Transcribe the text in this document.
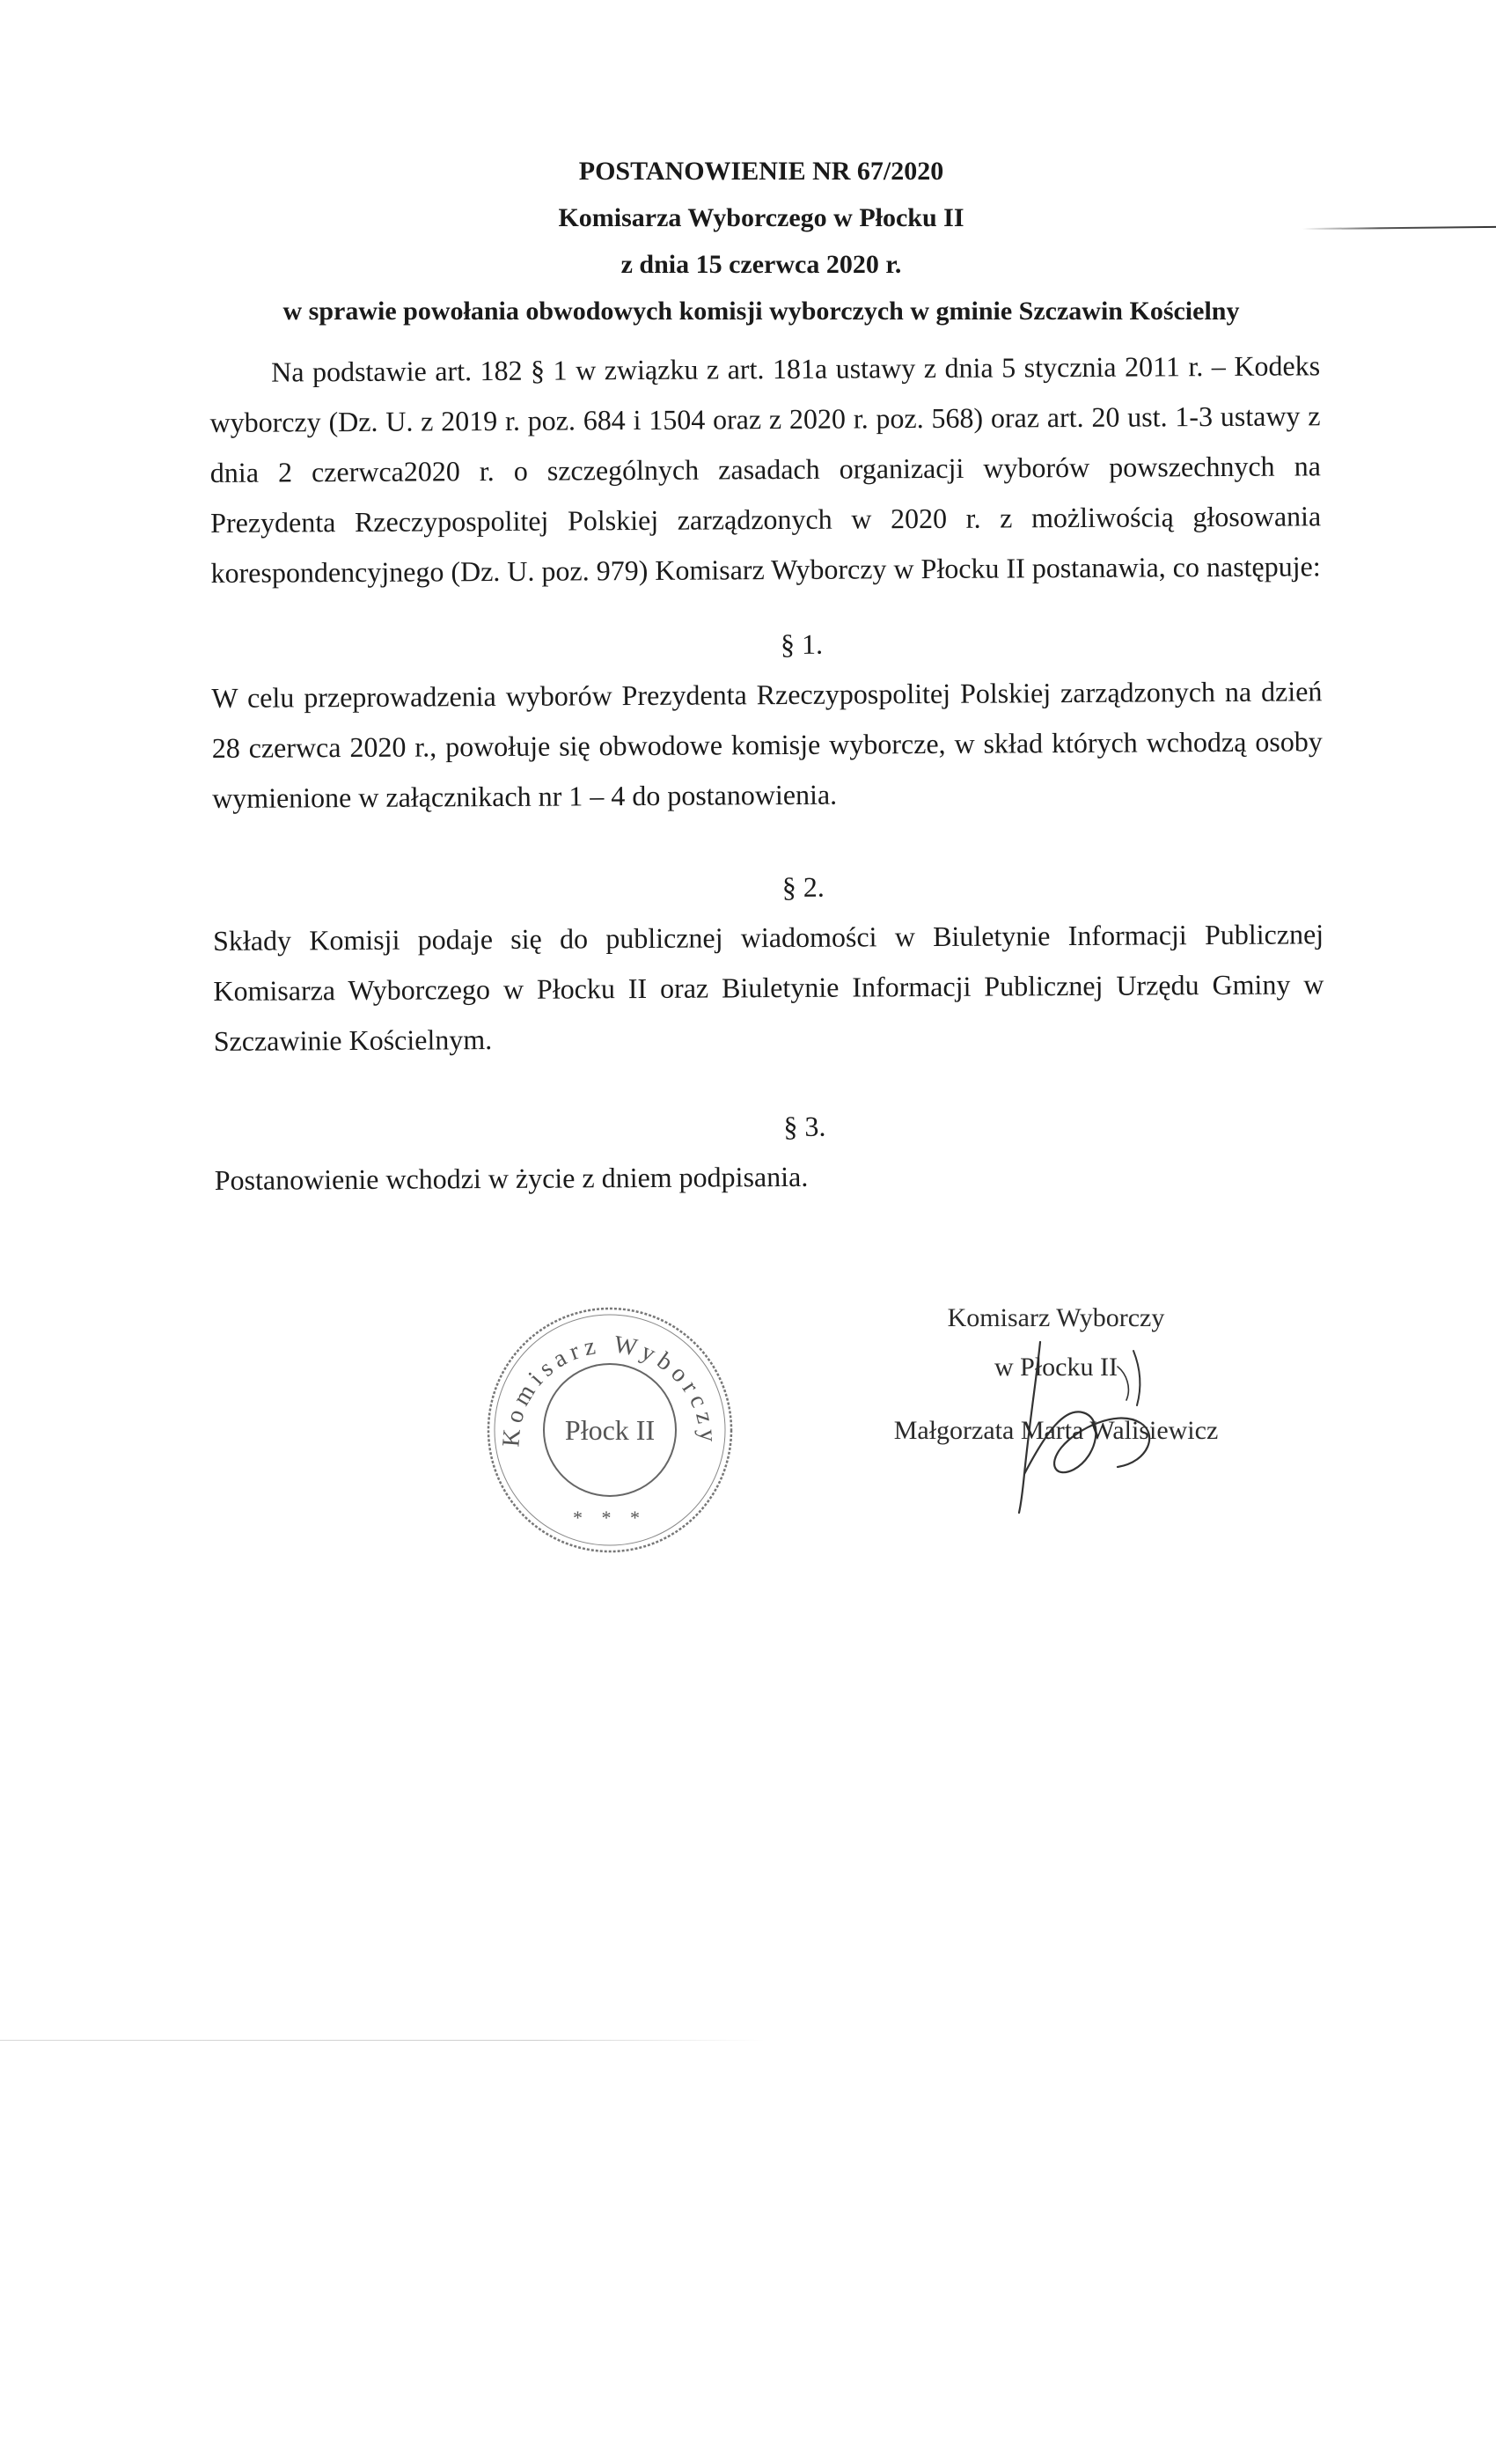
POSTANOWIENIE NR 67/2020
Komisarza Wyborczego w Płocku II
z dnia 15 czerwca 2020 r.
w sprawie powołania obwodowych komisji wyborczych w gminie Szczawin Kościelny

Na podstawie art. 182 § 1 w związku z art. 181a ustawy z dnia 5 stycznia 2011 r. – Kodeks wyborczy (Dz. U. z 2019 r. poz. 684 i 1504 oraz z 2020 r. poz. 568) oraz art. 20 ust. 1-3 ustawy z dnia 2 czerwca2020 r. o szczególnych zasadach organizacji wyborów powszechnych na Prezydenta Rzeczypospolitej Polskiej zarządzonych w 2020 r. z możliwością głosowania korespondencyjnego (Dz. U. poz. 979) Komisarz Wyborczy w Płocku II postanawia, co następuje:

§ 1.

W celu przeprowadzenia wyborów Prezydenta Rzeczypospolitej Polskiej zarządzonych na dzień 28 czerwca 2020 r., powołuje się obwodowe komisje wyborcze, w skład których wchodzą osoby wymienione w załącznikach nr 1 – 4 do postanowienia.

§ 2.

Składy Komisji podaje się do publicznej wiadomości w Biuletynie Informacji Publicznej Komisarza Wyborczego w Płocku II oraz Biuletynie Informacji Publicznej Urzędu Gminy w Szczawinie Kościelnym.

§ 3.

Postanowienie wchodzi w życie z dniem podpisania.

Komisarz Wyborczy
Płock II
* * *
Komisarz Wyborczy
w Płocku II
Małgorzata Marta Walisiewicz
